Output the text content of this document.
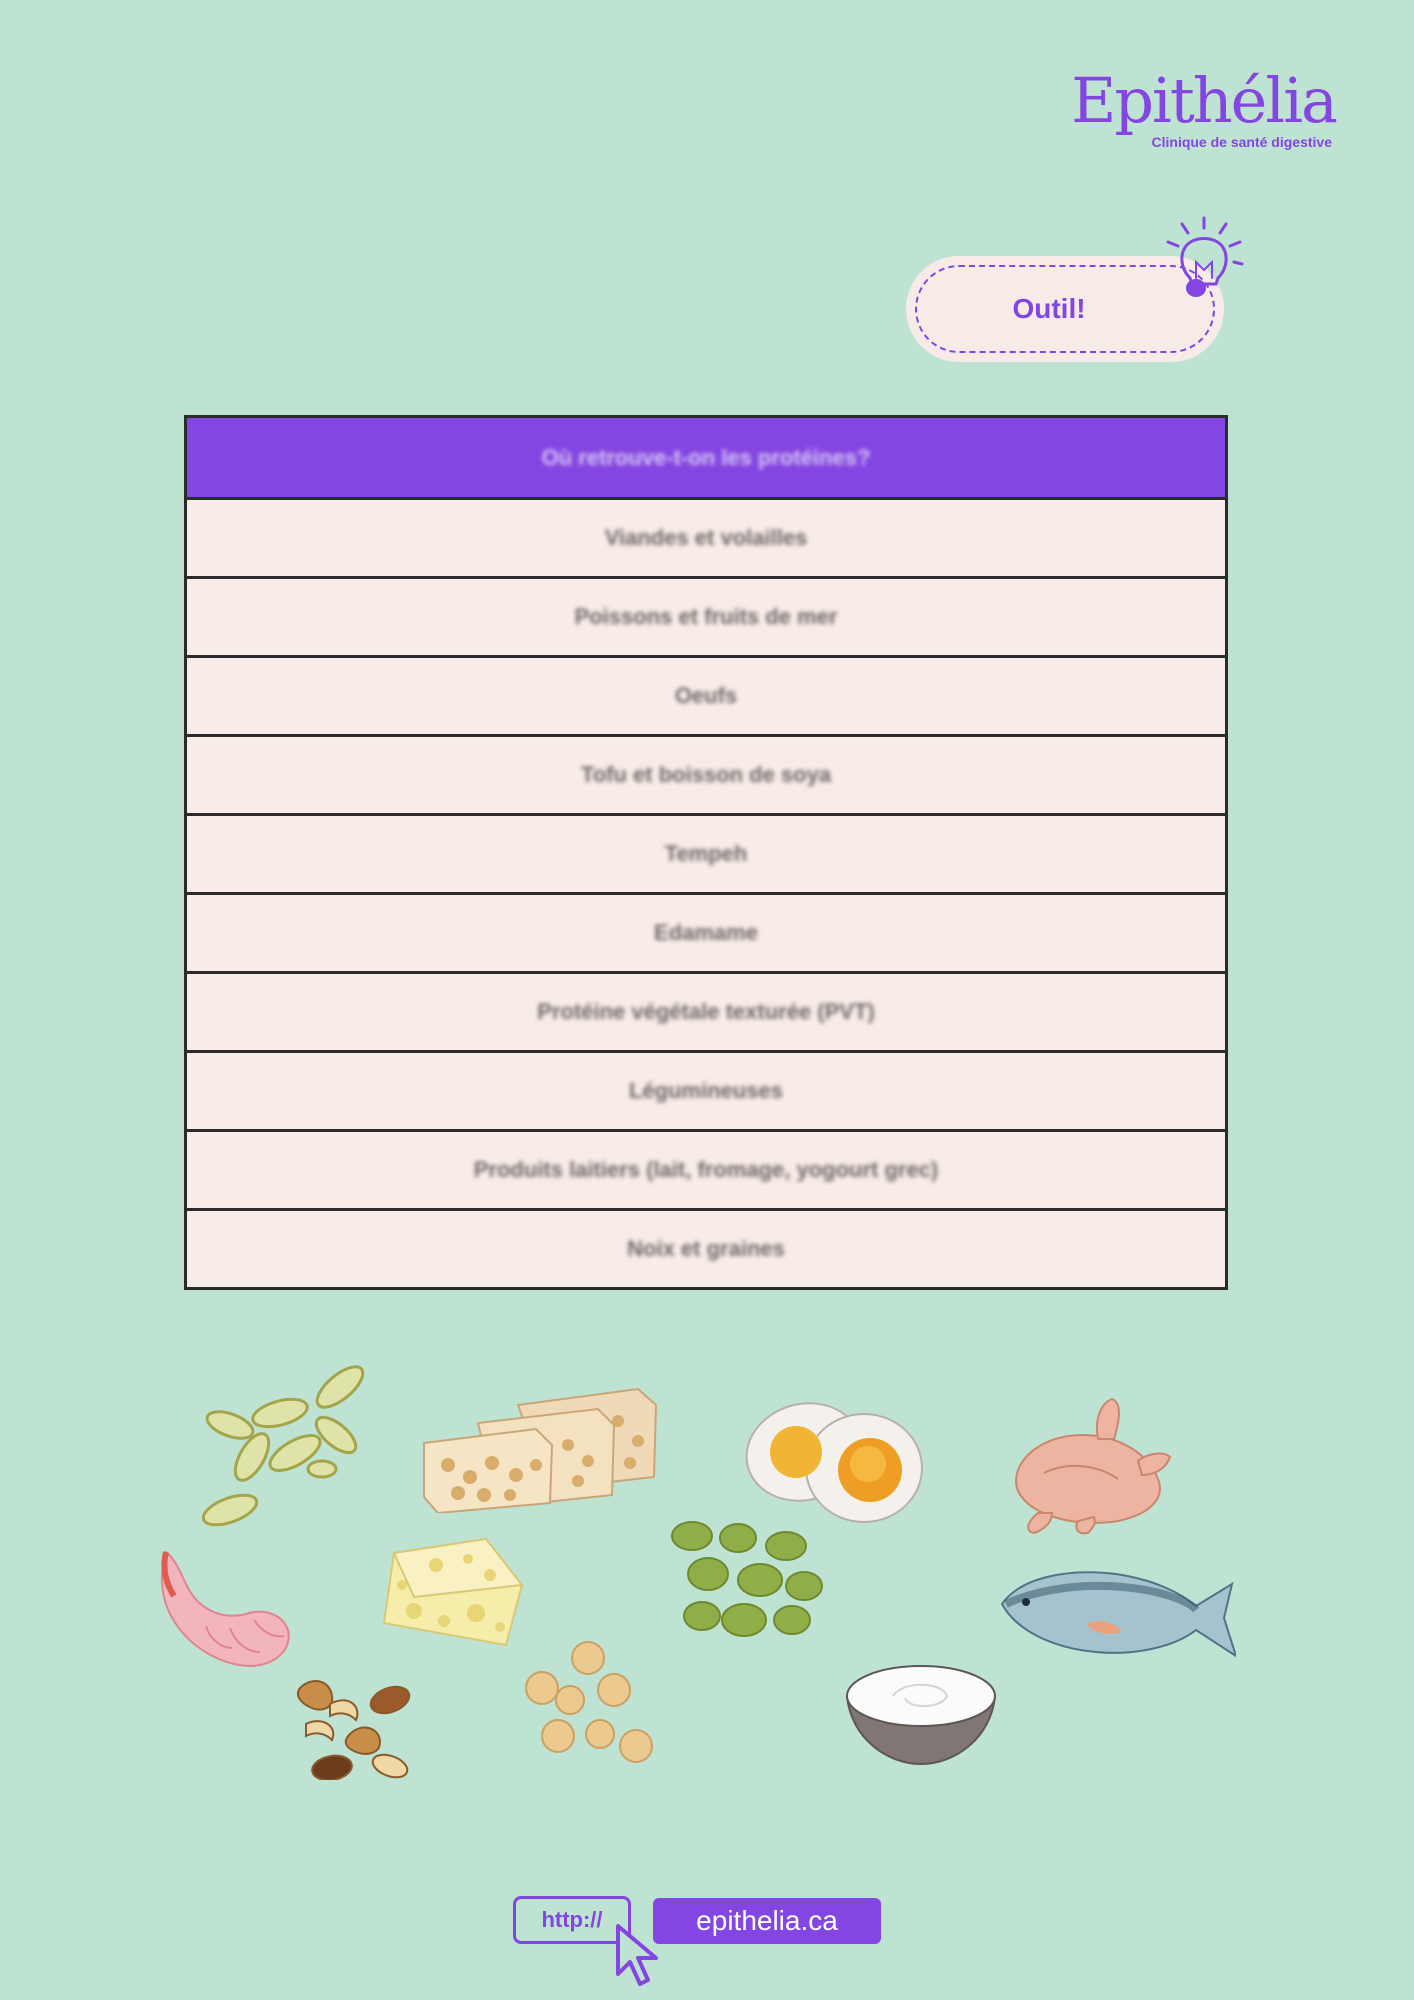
Epithélia
Clinique de santé digestive
Outil!
Où retrouve-t-on les protéines?
Viandes et volailles
Poissons et fruits de mer
Oeufs
Tofu et boisson de soya
Tempeh
Edamame
Protéine végétale texturée (PVT)
Légumineuses
Produits laitiers (lait, fromage, yogourt grec)
Noix et graines
http://	epithelia.ca
